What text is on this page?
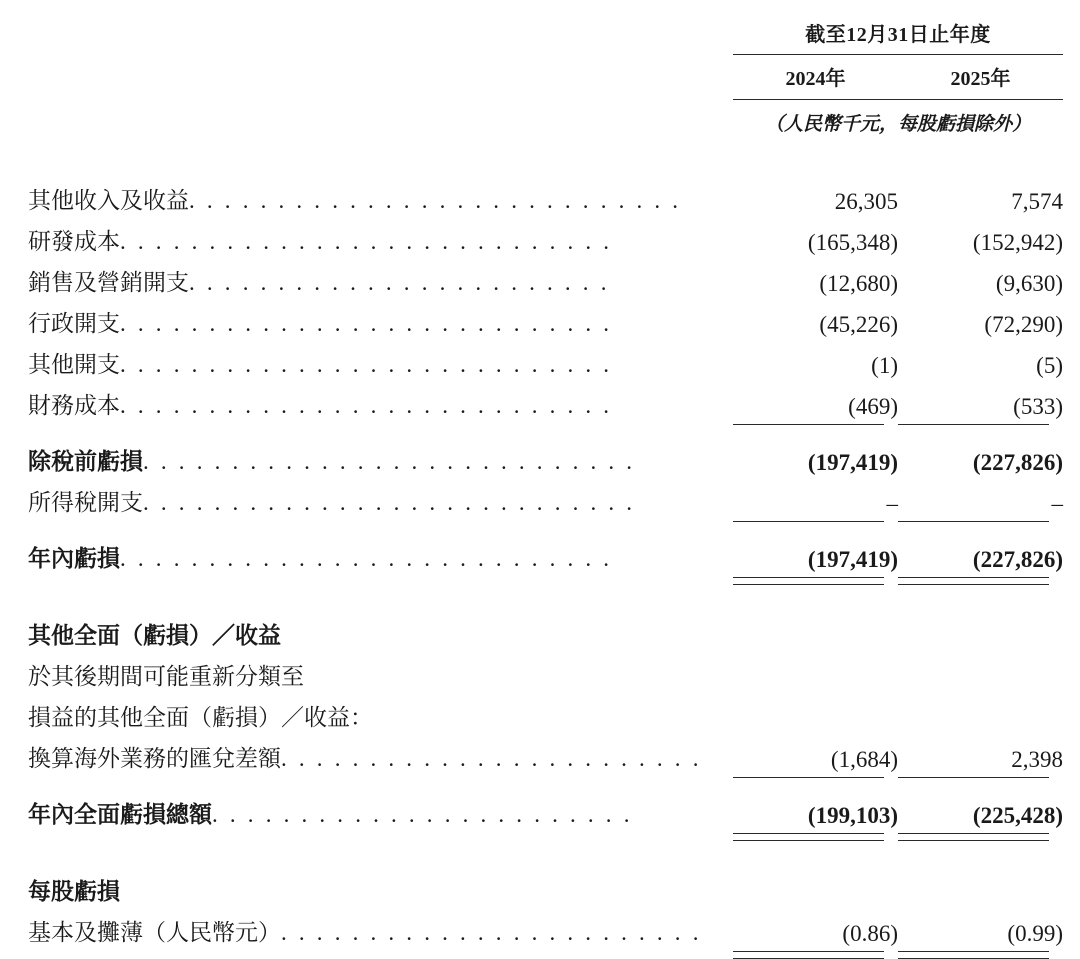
	截至12月31日止年度	
	2024年	2025年
	（人民幣千元，每股虧損除外）	

其他收入及收益. . . . . . . . . . . . . . . . . . . . . . . . . . . .	26,305	7,574
研發成本. . . . . . . . . . . . . . . . . . . . . . . . . . . .	(165,348)	(152,942)
銷售及營銷開支. . . . . . . . . . . . . . . . . . . . . . . .	(12,680)	(9,630)
行政開支. . . . . . . . . . . . . . . . . . . . . . . . . . . .	(45,226)	(72,290)
其他開支. . . . . . . . . . . . . . . . . . . . . . . . . . . .	(1)	(5)
財務成本. . . . . . . . . . . . . . . . . . . . . . . . . . . .	(469)	(533)

除稅前虧損. . . . . . . . . . . . . . . . . . . . . . . . . . . .	(197,419)	(227,826)
所得稅開支. . . . . . . . . . . . . . . . . . . . . . . . . . . .	–	–

年內虧損. . . . . . . . . . . . . . . . . . . . . . . . . . . .	(197,419)	(227,826)

其他全面（虧損）／收益		
於其後期間可能重新分類至		
損益的其他全面（虧損）／收益：		
換算海外業務的匯兌差額. . . . . . . . . . . . . . . . . . . . . . . .	(1,684)	2,398

年內全面虧損總額. . . . . . . . . . . . . . . . . . . . . . . .	(199,103)	(225,428)

每股虧損		
基本及攤薄（人民幣元）. . . . . . . . . . . . . . . . . . . . . . . .	(0.86)	(0.99)
